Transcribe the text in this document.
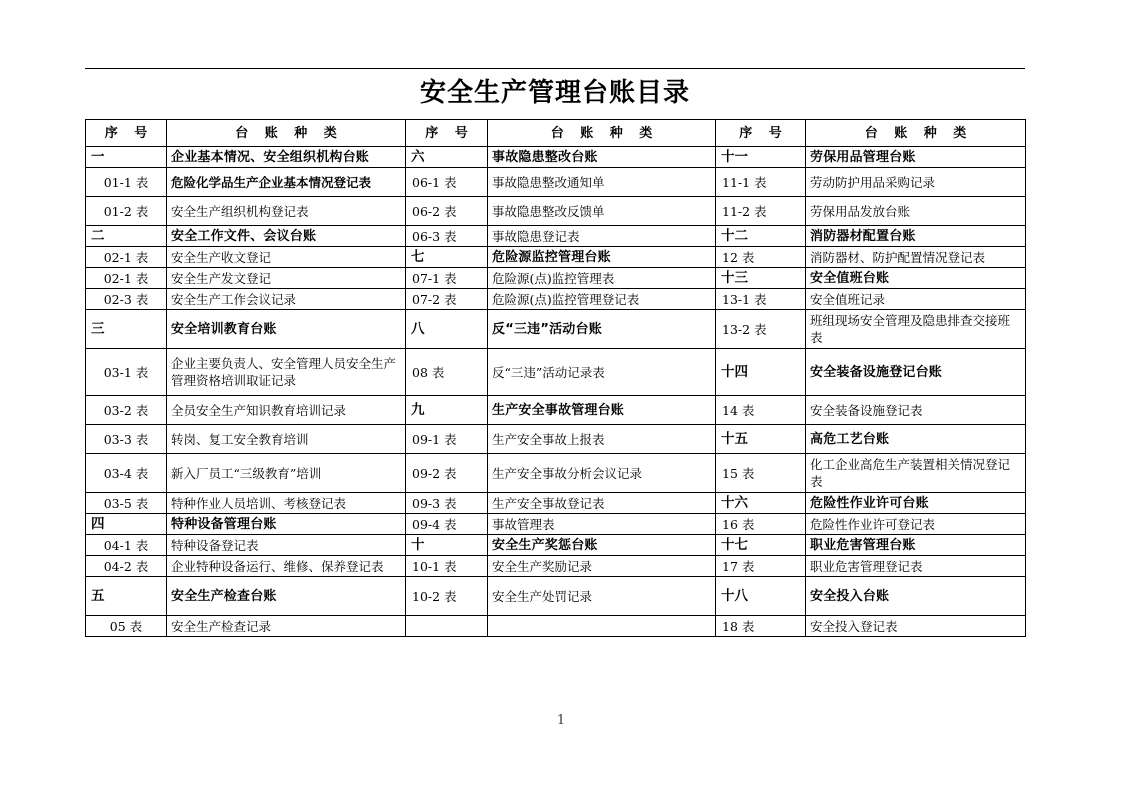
安全生产管理台账目录
序 号	台 账 种 类	序 号	台 账 种 类	序 号	台 账 种 类
一	企业基本情况、安全组织机构台账	六	事故隐患整改台账	十一	劳保用品管理台账
01-1 表	危险化学品生产企业基本情况登记表	06-1 表	事故隐患整改通知单	11-1 表	劳动防护用品采购记录
01-2 表	安全生产组织机构登记表	06-2 表	事故隐患整改反馈单	11-2 表	劳保用品发放台账
二	安全工作文件、会议台账	06-3 表	事故隐患登记表	十二	消防器材配置台账
02-1 表	安全生产收文登记	七	危险源监控管理台账	12 表	消防器材、防护配置情况登记表
02-1 表	安全生产发文登记	07-1 表	危险源(点)监控管理表	十三	安全值班台账
02-3 表	安全生产工作会议记录	07-2 表	危险源(点)监控管理登记表	13-1 表	安全值班记录
三	安全培训教育台账	八	反“三违”活动台账	13-2 表	班组现场安全管理及隐患排查交接班表
03-1 表	企业主要负责人、安全管理人员安全生产管理资格培训取证记录	08 表	反“三违”活动记录表	十四	安全装备设施登记台账
03-2 表	全员安全生产知识教育培训记录	九	生产安全事故管理台账	14 表	安全装备设施登记表
03-3 表	转岗、复工安全教育培训	09-1 表	生产安全事故上报表	十五	高危工艺台账
03-4 表	新入厂员工“三级教育”培训	09-2 表	生产安全事故分析会议记录	15 表	化工企业高危生产装置相关情况登记表
03-5 表	特种作业人员培训、考核登记表	09-3 表	生产安全事故登记表	十六	危险性作业许可台账
四	特种设备管理台账	09-4 表	事故管理表	16 表	危险性作业许可登记表
04-1 表	特种设备登记表	十	安全生产奖惩台账	十七	职业危害管理台账
04-2 表	企业特种设备运行、维修、保养登记表	10-1 表	安全生产奖励记录	17 表	职业危害管理登记表
五	安全生产检查台账	10-2 表	安全生产处罚记录	十八	安全投入台账
05 表	安全生产检查记录			18 表	安全投入登记表
1
